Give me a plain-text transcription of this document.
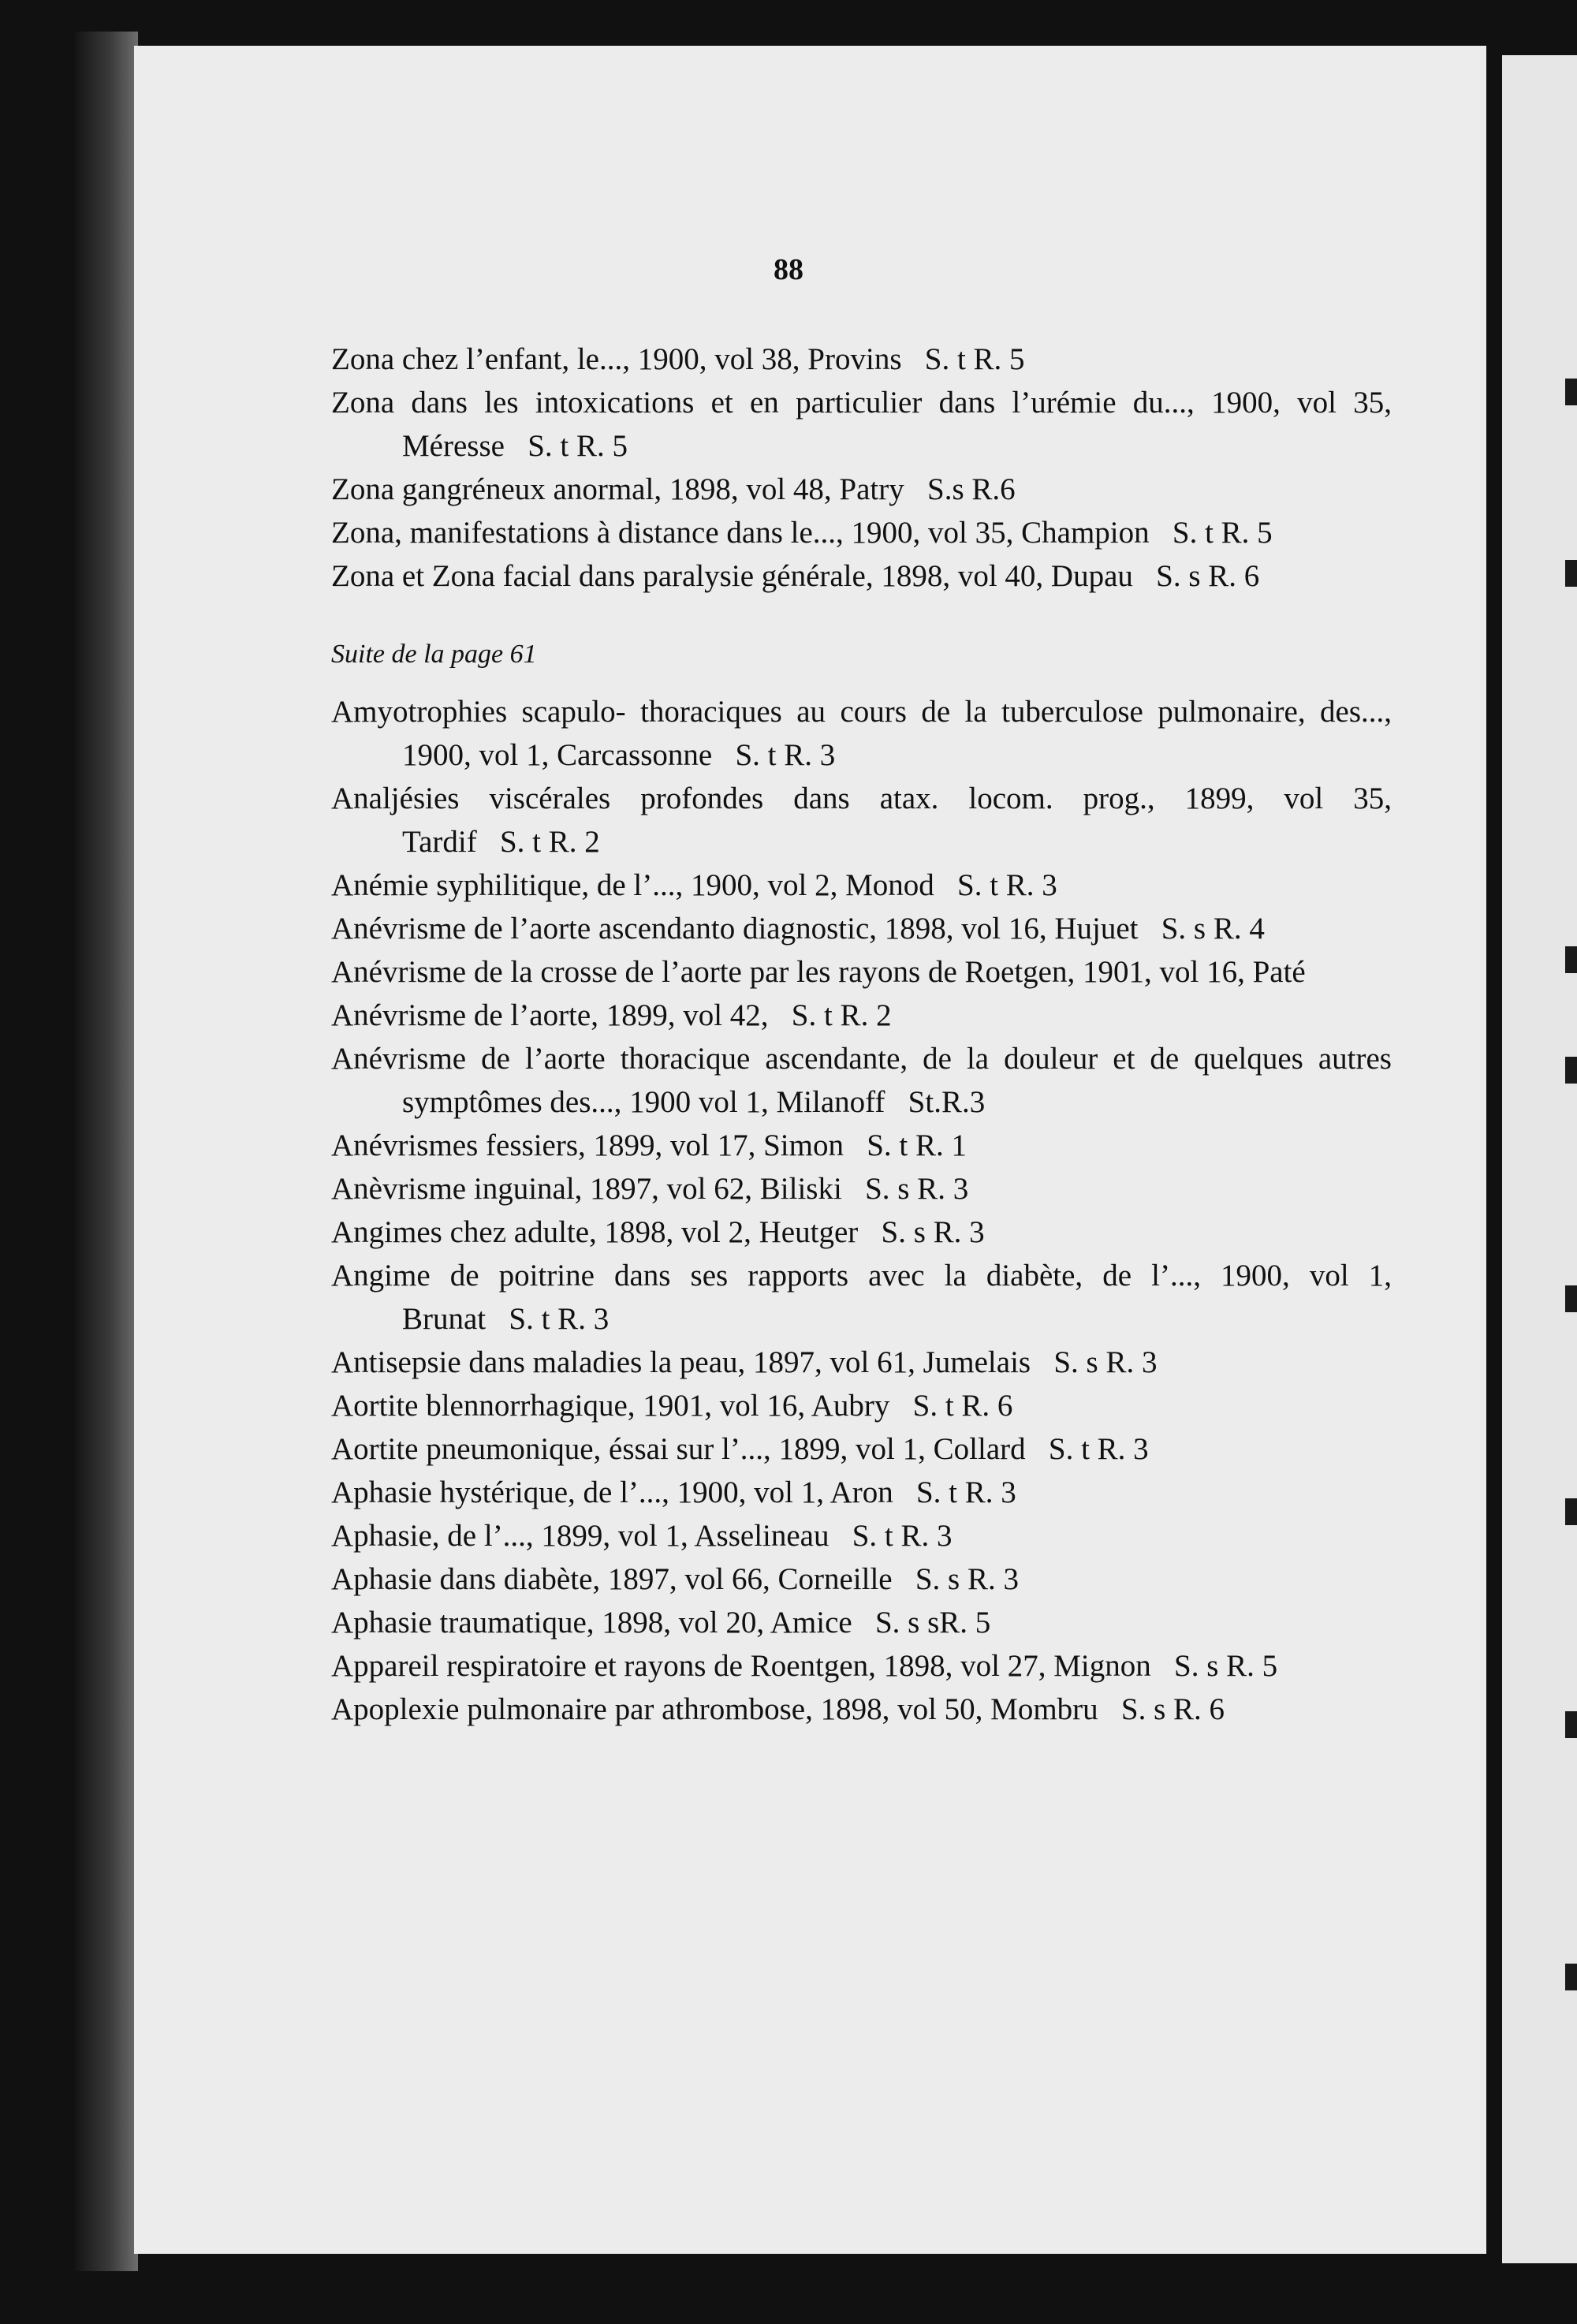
88
Zona chez l’enfant, le..., 1900, vol 38, Provins S. t R. 5
Zona dans les intoxications et en particulier dans l’urémie du..., 1900, vol 35, Méresse S. t R. 5
Zona gangréneux anormal, 1898, vol 48, Patry S.s R.6
Zona, manifestations à distance dans le..., 1900, vol 35, Champion S. t R. 5
Zona et Zona facial dans paralysie générale, 1898, vol 40, Dupau S. s R. 6
Suite de la page 61
Amyotrophies scapulo- thoraciques au cours de la tuberculose pulmonaire, des..., 1900, vol 1, Carcassonne S. t R. 3
Analjésies viscérales profondes dans atax. locom. prog., 1899, vol 35, Tardif S. t R. 2
Anémie syphilitique, de l’..., 1900, vol 2, Monod S. t R. 3
Anévrisme de l’aorte ascendanto diagnostic, 1898, vol 16, Hujuet S. s R. 4
Anévrisme de la crosse de l’aorte par les rayons de Roetgen, 1901, vol 16, Paté
Anévrisme de l’aorte, 1899, vol 42, S. t R. 2
Anévrisme de l’aorte thoracique ascendante, de la douleur et de quelques autres symptômes des..., 1900 vol 1, Milanoff St.R.3
Anévrismes fessiers, 1899, vol 17, Simon S. t R. 1
Anèvrisme inguinal, 1897, vol 62, Biliski S. s R. 3
Angimes chez adulte, 1898, vol 2, Heutger S. s R. 3
Angime de poitrine dans ses rapports avec la diabète, de l’..., 1900, vol 1, Brunat S. t R. 3
Antisepsie dans maladies la peau, 1897, vol 61, Jumelais S. s R. 3
Aortite blennorrhagique, 1901, vol 16, Aubry S. t R. 6
Aortite pneumonique, éssai sur l’..., 1899, vol 1, Collard S. t R. 3
Aphasie hystérique, de l’..., 1900, vol 1, Aron S. t R. 3
Aphasie, de l’..., 1899, vol 1, Asselineau S. t R. 3
Aphasie dans diabète, 1897, vol 66, Corneille S. s R. 3
Aphasie traumatique, 1898, vol 20, Amice S. s sR. 5
Appareil respiratoire et rayons de Roentgen, 1898, vol 27, Mignon S. s R. 5
Apoplexie pulmonaire par athrombose, 1898, vol 50, Mombru S. s R. 6
